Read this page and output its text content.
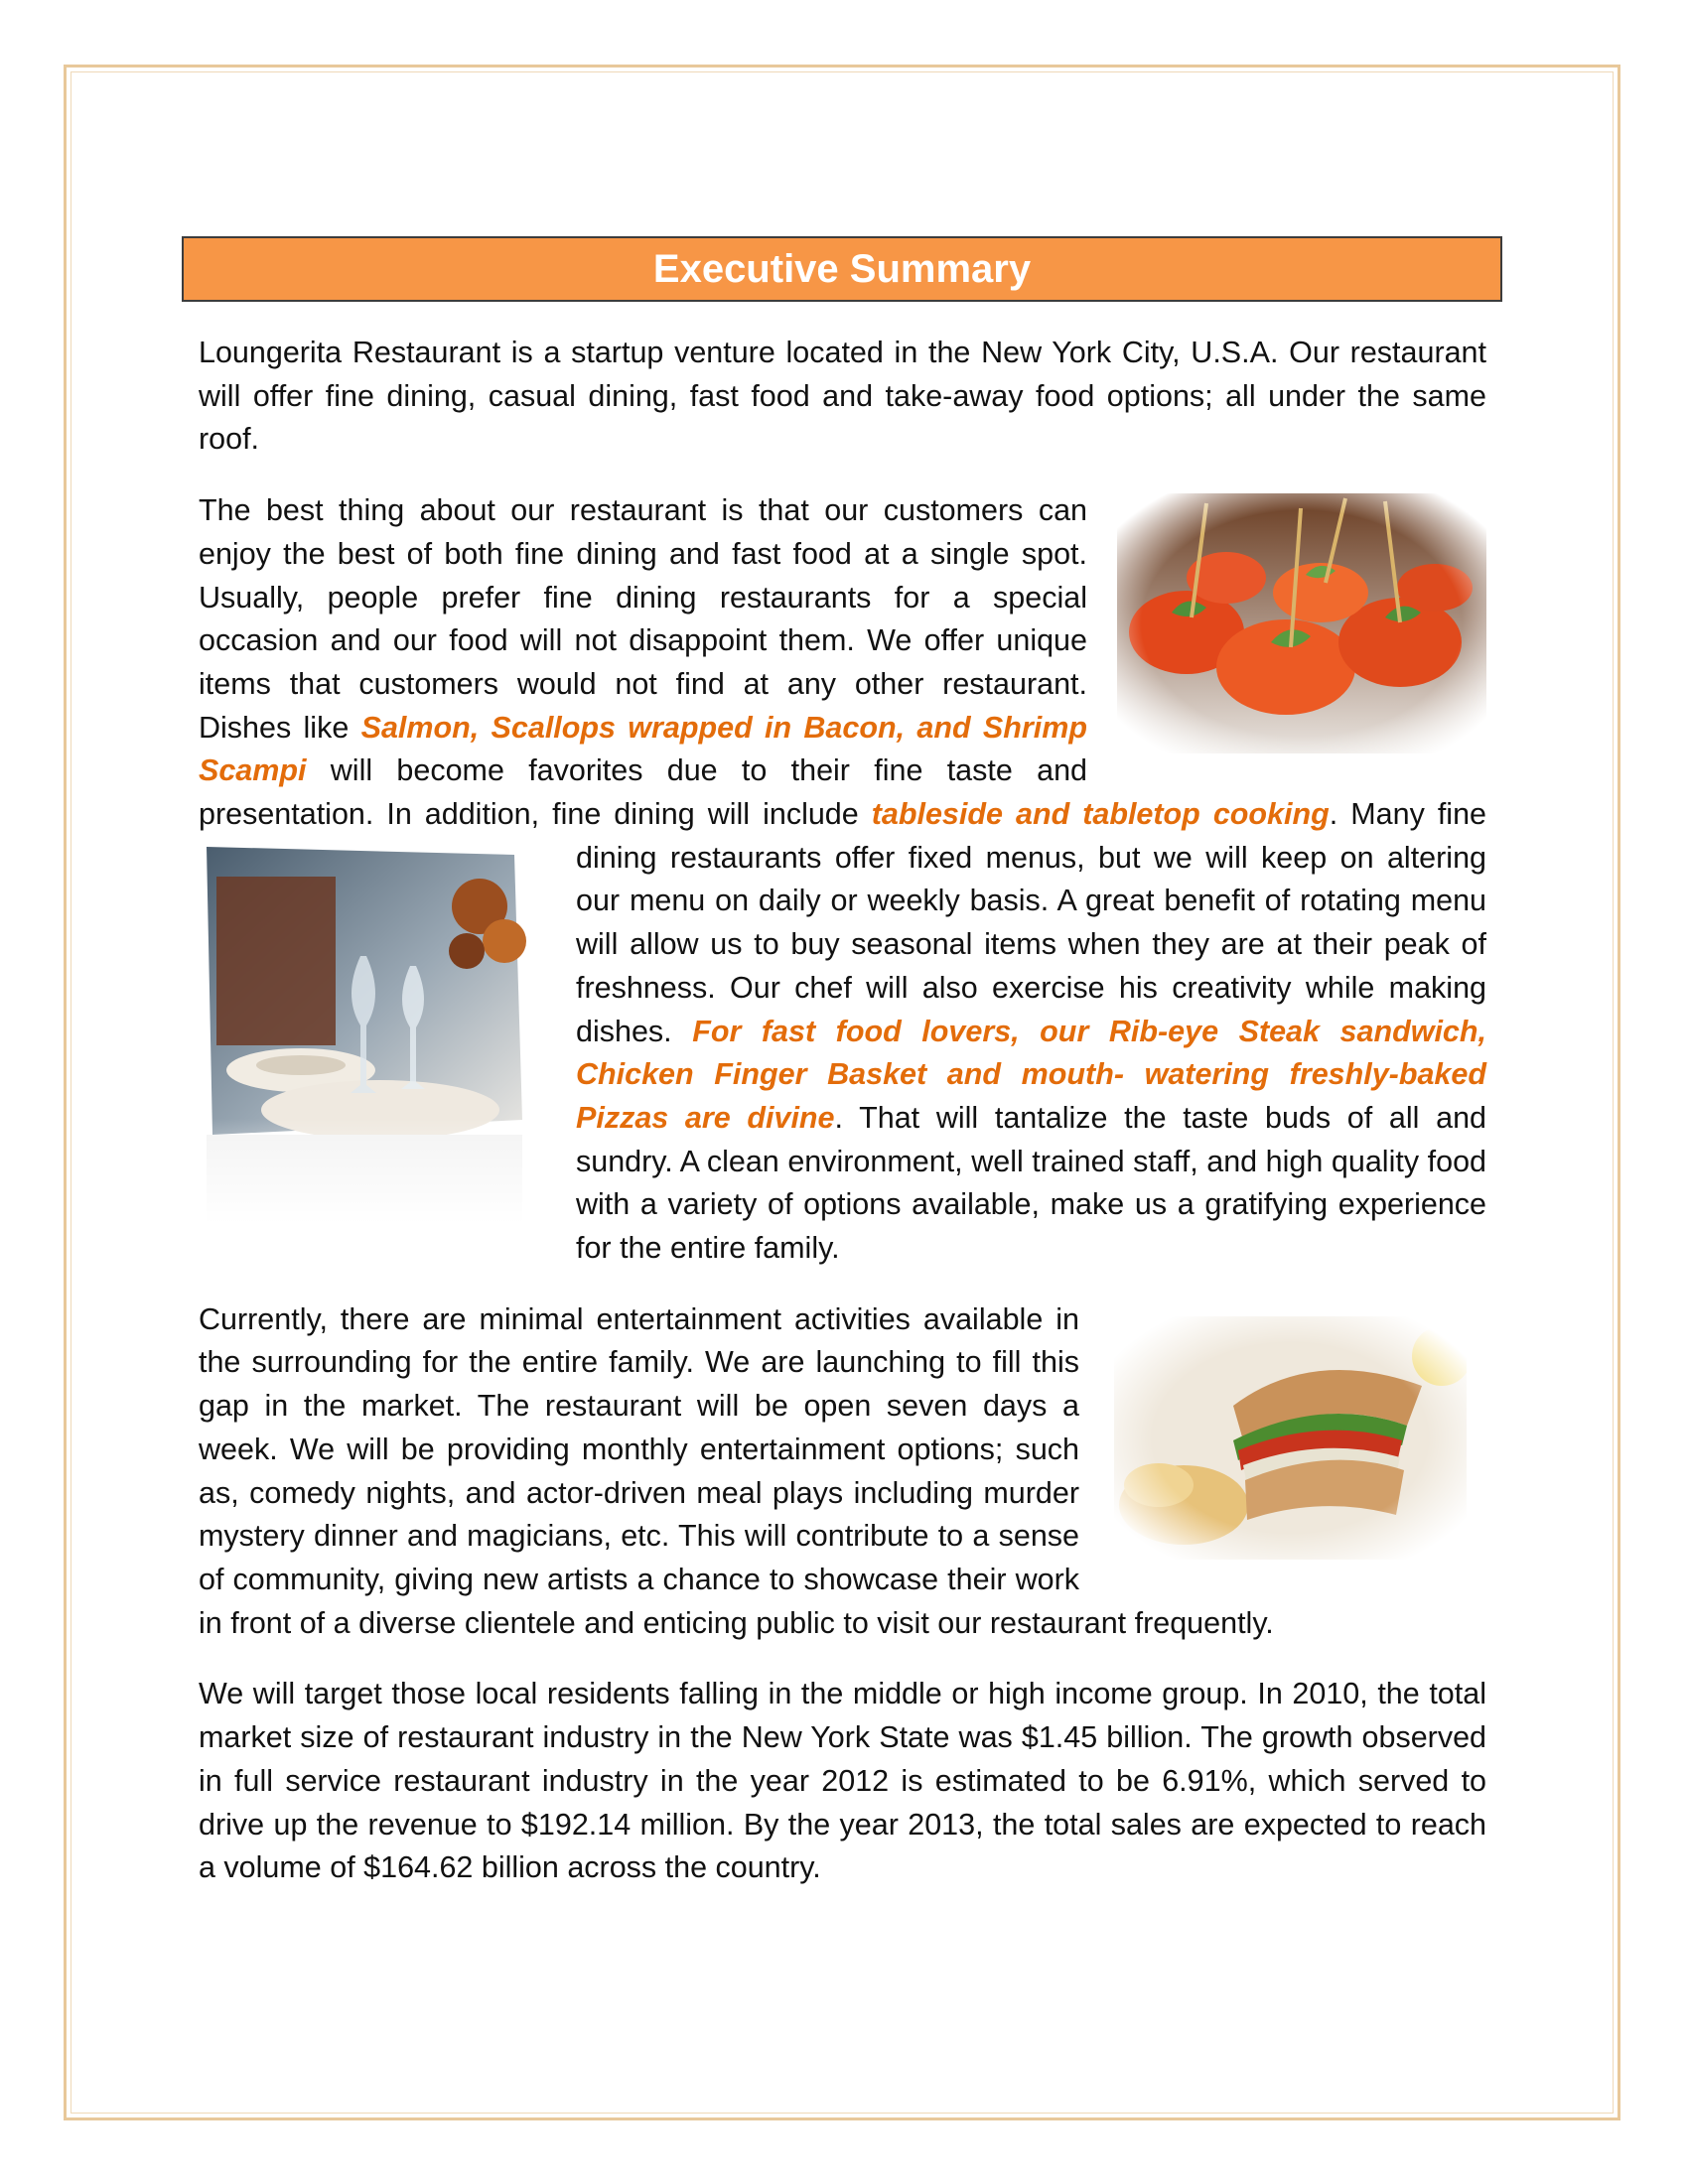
Executive Summary

Loungerita Restaurant is a startup venture located in the New York City, U.S.A. Our restaurant will offer fine dining, casual dining, fast food and take-away food options; all under the same roof.

The best thing about our restaurant is that our customers can enjoy the best of both fine dining and fast food at a single spot. Usually, people prefer fine dining restaurants for a special occasion and our food will not disappoint them. We offer unique items that customers would not find at any other restaurant. Dishes like Salmon, Scallops wrapped in Bacon, and Shrimp Scampi will become favorites due to their fine taste and presentation. In addition, fine dining will include tableside and tabletop cooking
. Many fine dining restaurants offer fixed menus, but we will keep on altering our menu on daily or weekly basis. A great benefit of rotating menu will allow us to buy seasonal items when they are at their peak of freshness. Our chef will also exercise his creativity while making dishes. For fast food lovers, our Rib-eye Steak sandwich, Chicken Finger Basket and mouth- watering freshly-baked Pizzas are divine. That will tantalize the taste buds of all and sundry. A clean environment, well trained staff, and high quality food with a variety of options available, make us a gratifying experience for the entire family.

Currently, there are minimal entertainment activities available in the surrounding for the entire family. We are launching to fill this gap in the market. The restaurant will be open seven days a week. We will be providing monthly entertainment options; such as, comedy nights, and actor-driven meal plays including murder mystery dinner and magicians, etc. This will contribute to a sense of community, giving new artists a chance to showcase their work in front of a diverse clientele and enticing public to visit our restaurant frequently.

We will target those local residents falling in the middle or high income group. In 2010, the total market size of restaurant industry in the New York State was $1.45 billion. The growth observed in full service restaurant industry in the year 2012 is estimated to be 6.91%, which served to drive up the revenue to $192.14 million. By the year 2013, the total sales are expected to reach a volume of $164.62 billion across the country.
